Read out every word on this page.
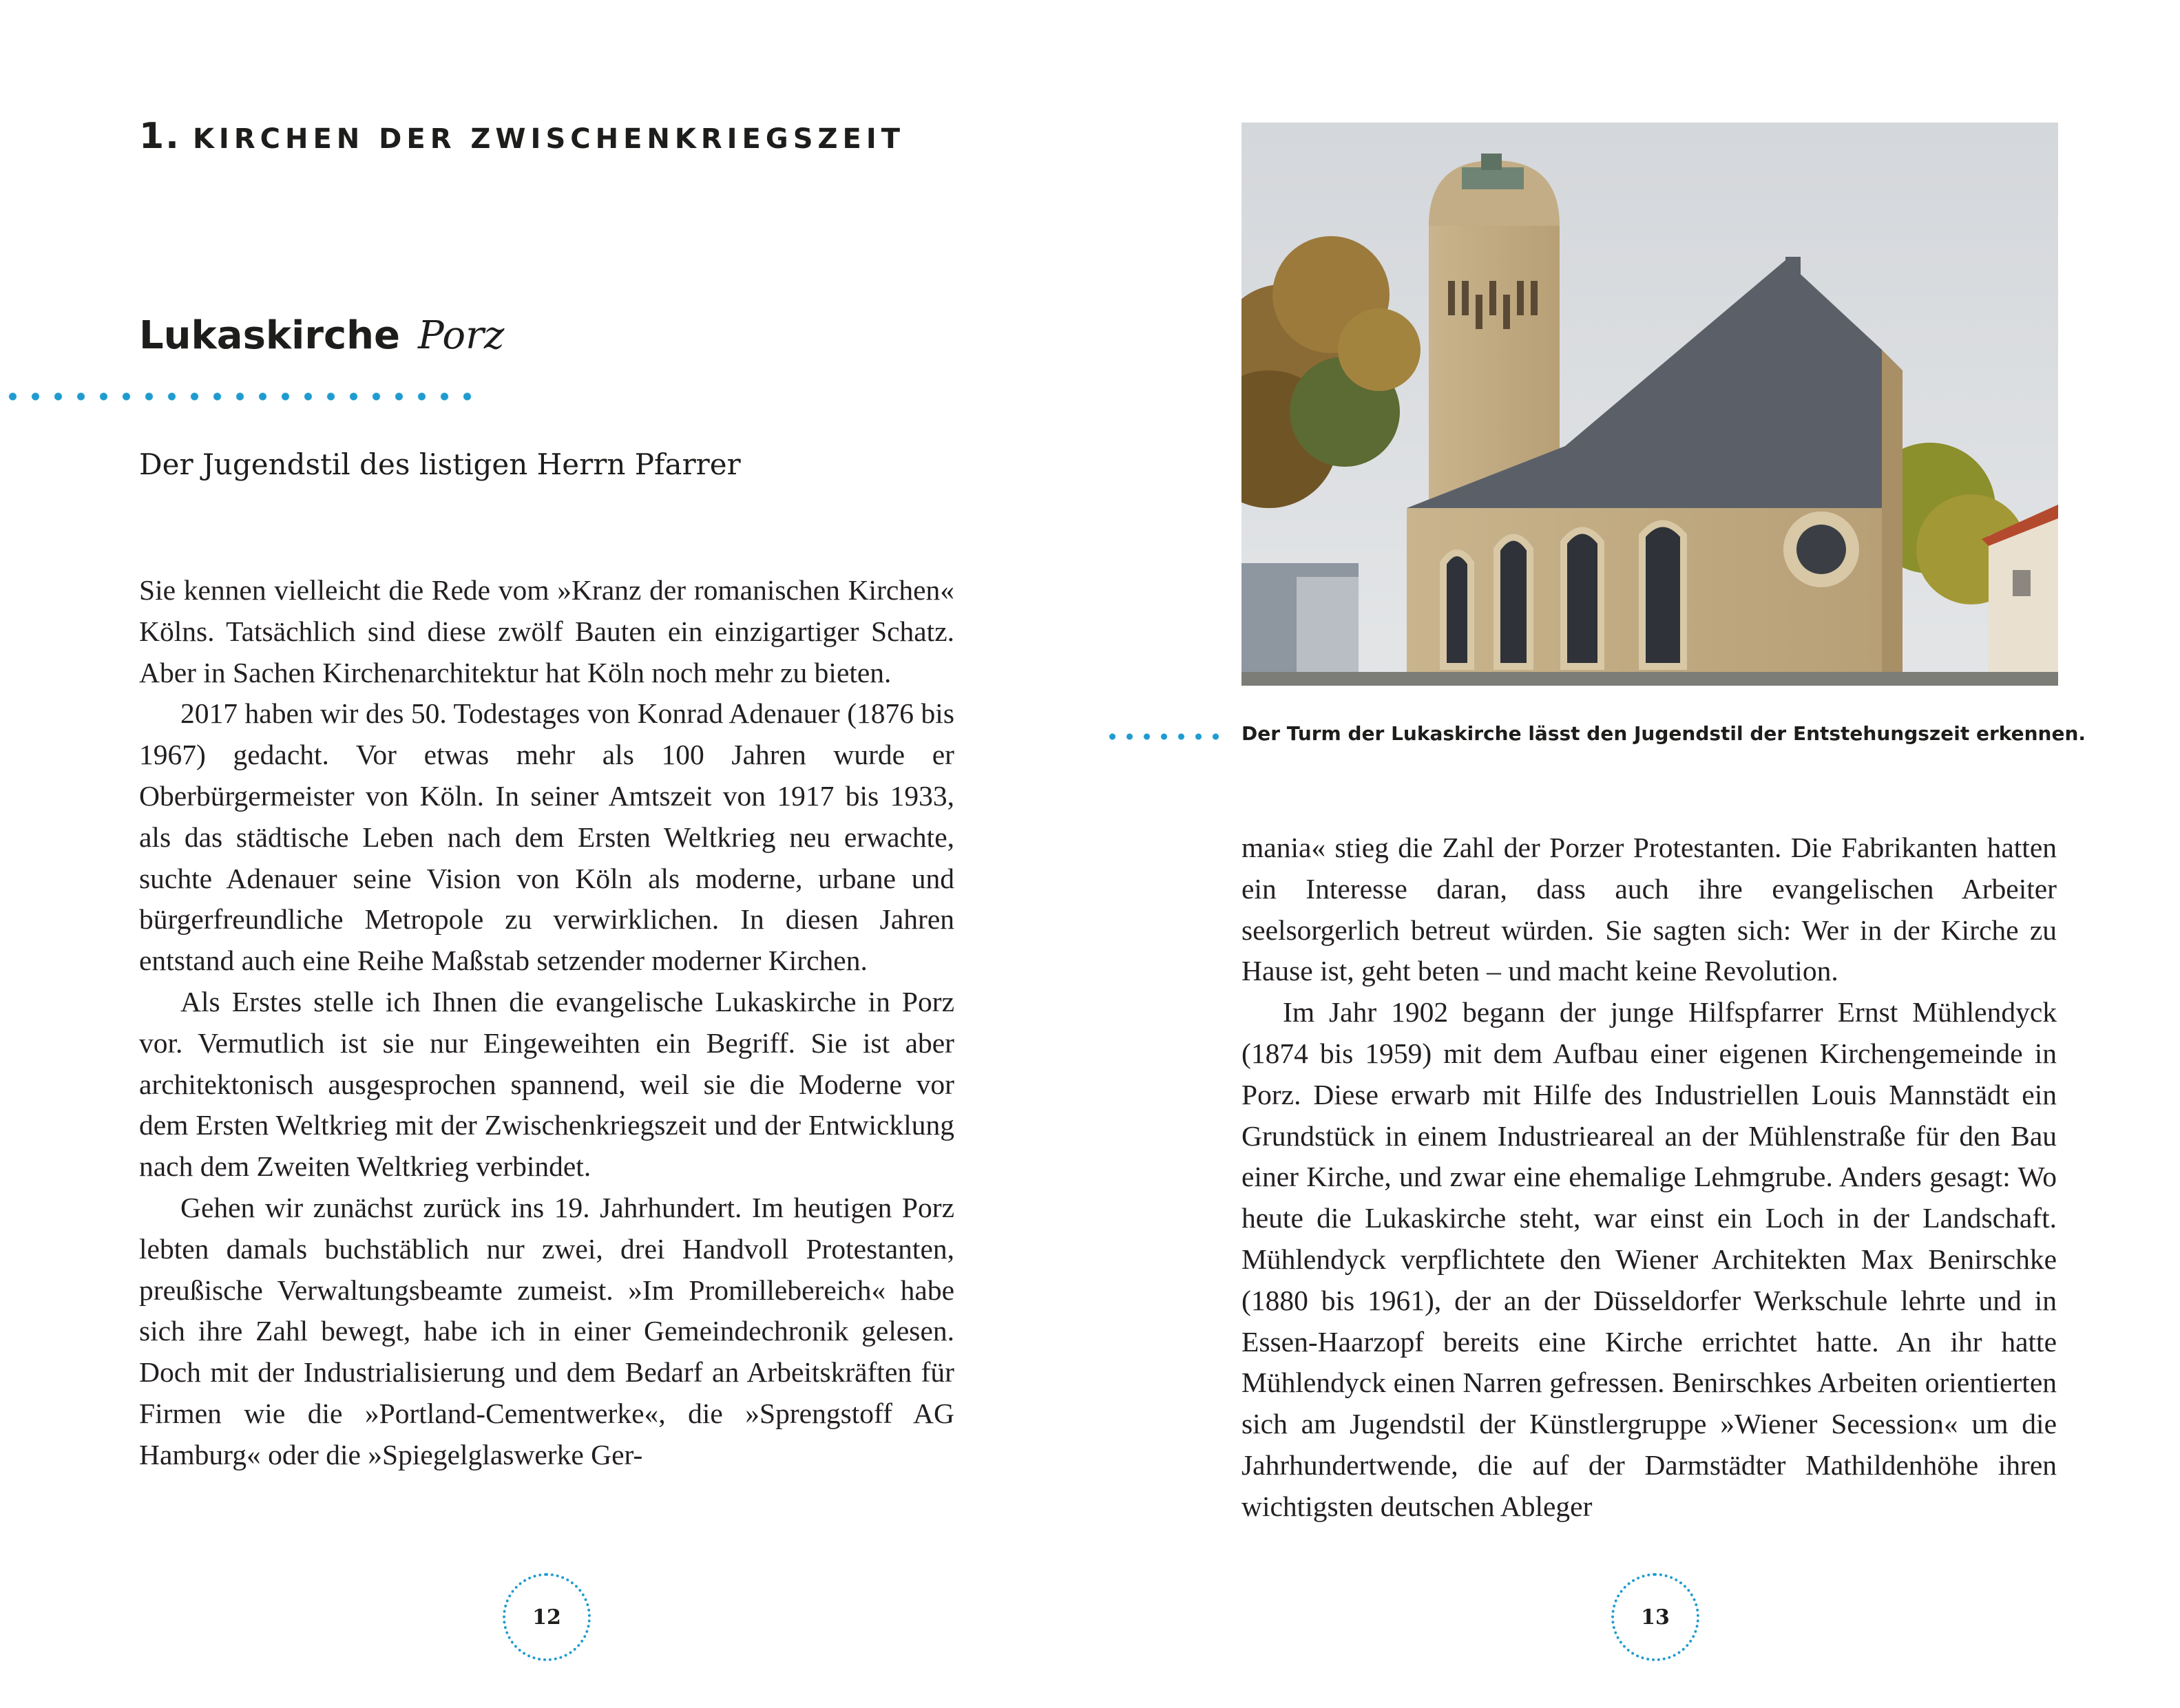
1. KIRCHEN DER ZWISCHENKRIEGSZEIT
Lukaskirche Porz
Der Jugendstil des listigen Herrn Pfarrer

Sie kennen vielleicht die Rede vom »Kranz der romanischen Kirchen« Kölns. Tatsächlich sind diese zwölf Bauten ein einzigartiger Schatz. Aber in Sachen Kirchenarchitektur hat Köln noch mehr zu bieten.

2017 haben wir des 50. Todestages von Konrad Adenauer (1876 bis 1967) gedacht. Vor etwas mehr als 100 Jahren wurde er Oberbürgermeister von Köln. In seiner Amtszeit von 1917 bis 1933, als das städtische Leben nach dem Ersten Weltkrieg neu erwachte, suchte Adenauer seine Vision von Köln als moderne, urbane und bürgerfreundliche Metropole zu verwirklichen. In diesen Jahren entstand auch eine Reihe Maßstab setzender moderner Kirchen.

Als Erstes stelle ich Ihnen die evangelische Lukaskirche in Porz vor. Vermutlich ist sie nur Eingeweihten ein Begriff. Sie ist aber architektonisch ausgesprochen spannend, weil sie die Moderne vor dem Ersten Weltkrieg mit der Zwischenkriegszeit und der Entwicklung nach dem Zweiten Weltkrieg verbindet.

Gehen wir zunächst zurück ins 19. Jahrhundert. Im heutigen Porz lebten damals buchstäblich nur zwei, drei Handvoll Protestanten, preußische Verwaltungsbeamte zumeist. »Im Promillebereich« habe sich ihre Zahl bewegt, habe ich in einer Gemeindechronik gelesen. Doch mit der Industrialisierung und dem Bedarf an Arbeitskräften für Firmen wie die »Portland-Cementwerke«, die »Sprengstoff AG Hamburg« oder die »Spiegelglaswerke Ger-

12
Der Turm der Lukaskirche lässt den Jugendstil der Entstehungszeit erkennen.

mania« stieg die Zahl der Porzer Protestanten. Die Fabrikanten hatten ein Interesse daran, dass auch ihre evangelischen Arbeiter seelsorgerlich betreut würden. Sie sagten sich: Wer in der Kirche zu Hause ist, geht beten – und macht keine Revolution.

Im Jahr 1902 begann der junge Hilfspfarrer Ernst Mühlendyck (1874 bis 1959) mit dem Aufbau einer eigenen Kirchengemeinde in Porz. Diese erwarb mit Hilfe des Industriellen Louis Mannstädt ein Grundstück in einem Industrieareal an der Mühlenstraße für den Bau einer Kirche, und zwar eine ehemalige Lehmgrube. Anders gesagt: Wo heute die Lukaskirche steht, war einst ein Loch in der Landschaft. Mühlendyck verpflichtete den Wiener Architekten Max Benirschke (1880 bis 1961), der an der Düsseldorfer Werkschule lehrte und in Essen-Haarzopf bereits eine Kirche errichtet hatte. An ihr hatte Mühlendyck einen Narren gefressen. Benirschkes Arbeiten orientierten sich am Jugendstil der Künstlergruppe »Wiener Secession« um die Jahrhundertwende, die auf der Darmstädter Mathildenhöhe ihren wichtigsten deutschen Ableger

13
